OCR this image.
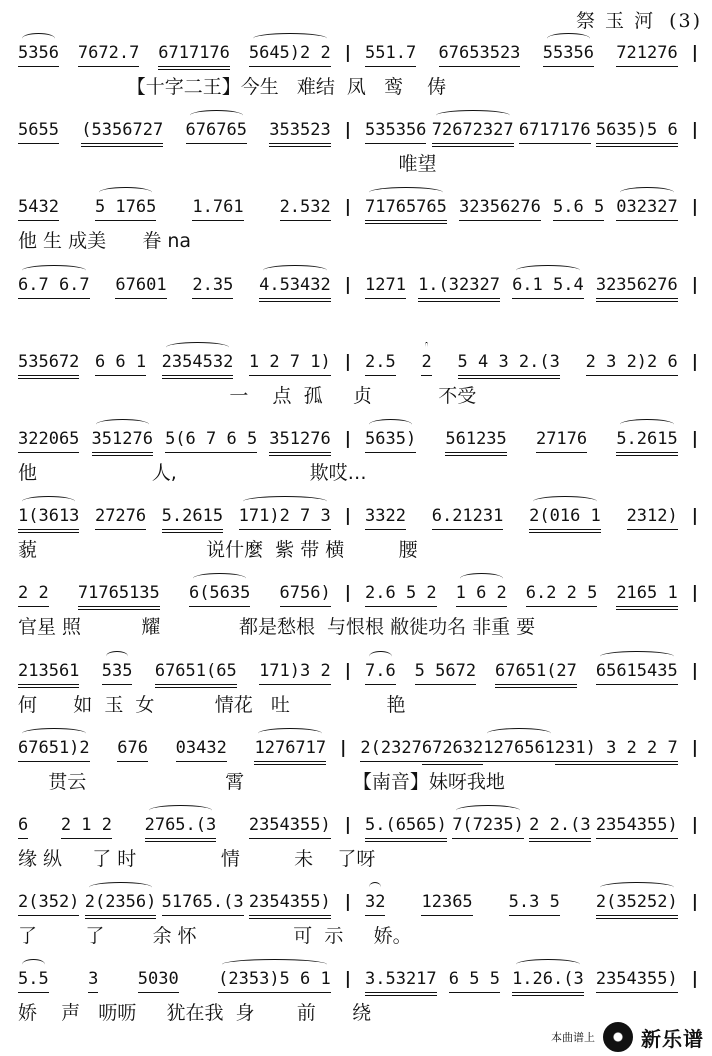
祭 玉 河 (3)
5356 7672.7 6717176 5645)2 2 | 551.7 67653523 55356 721276 |
【十字二王】今生   难结  凤   鸾    俦
5655 (5356727 676765 353523 | 535356 72672327 6717176 5635)5 6 |
唯望
5432 5 1765 1.761 2.532 | 71765765 32356276 5.6 5 032327 |
他 生 成美      眷 na
6.7 6.7 67601 2.35 4.53432 | 1271 1.(32327 6.1 5.4 32356276 |
535672 6 6 1 2354532 1 2 7 1) | 2.5 2 5 4 3 2.(3 2 3 2)2 6 |
一    点  孤     贞           不受
322065 351276 5(6 7 6 5 351276 | 5635) 561235 27176 5.2615 |
他                   人,                      欺哎…
1(3613 27276 5.2615 171)2 7 3 | 3322 6.21231 2(016 1 2312) |
藐                            说什麼  紫 带 横         腰
2 2 71765135 6(5635 6756) | 2.6 5 2 1 6 2 6.2 2 5 2165 1 |
官星 照          耀             都是愁根  与恨根 敝徙功名 非重 要
213561 535 67651(65 171)3 2 | 7.6 5 5672 67651(27 65615435 |
何      如  玉  女          情花   吐                艳
67651)2 676 03432 1276717 | 2(2327 672632 1276561 231) 3 2 2 7 |
贯云                       霄                  【南音】妹呀我地
6 2 1 2 2765.(3 2354355) | 5.(6565) 7(7235) 2 2.(3 2354355) |
缘 纵     了 时              情         未    了呀
2(352) 2(2356) 51765.(3 2354355) | 32 12365 5.3 5 2(35252) |
了        了        余 怀                可  示     娇。
5.5 3 5030 (2353)5 6 1 | 3.53217 6 5 5 1.26.(3 2354355) |
娇    声   呖呖     犹在我  身       前      绕
本曲谱上 新乐谱
